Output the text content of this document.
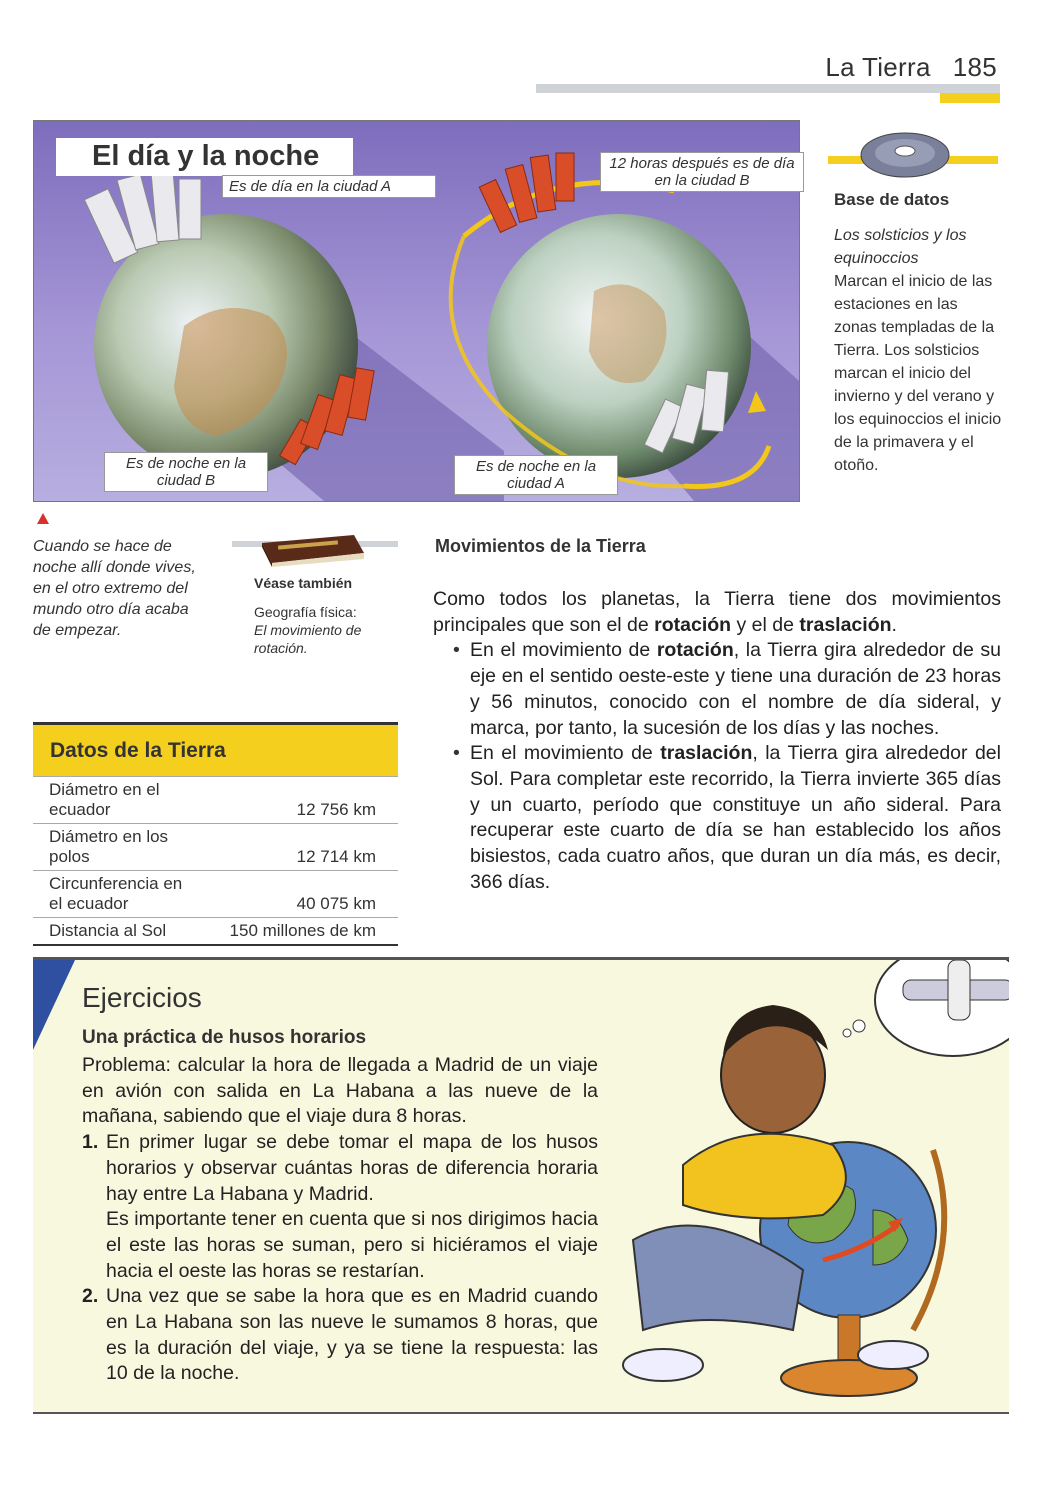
La Tierra 185
El día y la noche
Es de día en la ciudad A
12 horas después es de día en la ciudad B
Es de noche en la ciudad B
Es de noche en la ciudad A
Base de datos
Los solsticios y los equinoccios
Marcan el inicio de las estaciones en las zonas templadas de la Tierra. Los solsticios marcan el inicio del invierno y del verano y los equinoccios el inicio de la primavera y el otoño.
Cuando se hace de noche allí donde vives, en el otro extremo del mundo otro día acaba de empezar.
Véase también
Geografía física:
El movimiento de rotación.
Movimientos de la Tierra

Como todos los planetas, la Tierra tiene dos movimientos principales que son el de rotación y el de traslación.

• En el movimiento de rotación, la Tierra gira alrededor de su eje en el sentido oeste-este y tiene una duración de 23 horas y 56 minutos, conocido con el nombre de día sideral, y marca, por tanto, la sucesión de los días y las noches.
• En el movimiento de traslación, la Tierra gira alrededor del Sol. Para completar este recorrido, la Tierra invierte 365 días y un cuarto, período que constituye un año sideral. Para recuperar este cuarto de día se han establecido los años bisiestos, cada cuatro años, que duran un día más, es decir, 366 días.
Datos de la Tierra
Diámetro en el ecuador	12 756 km
Diámetro en los polos	12 714 km
Circunferencia en el ecuador	40 075 km
Distancia al Sol	150 millones de km
Ejercicios
Una práctica de husos horarios

Problema: calcular la hora de llegada a Madrid de un viaje en avión con salida en La Habana a las nueve de la mañana, sabiendo que el viaje dura 8 horas.

1. En primer lugar se debe tomar el mapa de los husos horarios y observar cuántas horas de diferencia horaria hay entre La Habana y Madrid.

Es importante tener en cuenta que si nos dirigimos hacia el este las horas se suman, pero si hiciéramos el viaje hacia el oeste las horas se restarían.

2. Una vez que se sabe la hora que es en Madrid cuando en La Habana son las nueve le sumamos 8 horas, que es la duración del viaje, y ya se tiene la respuesta: las 10 de la noche.
